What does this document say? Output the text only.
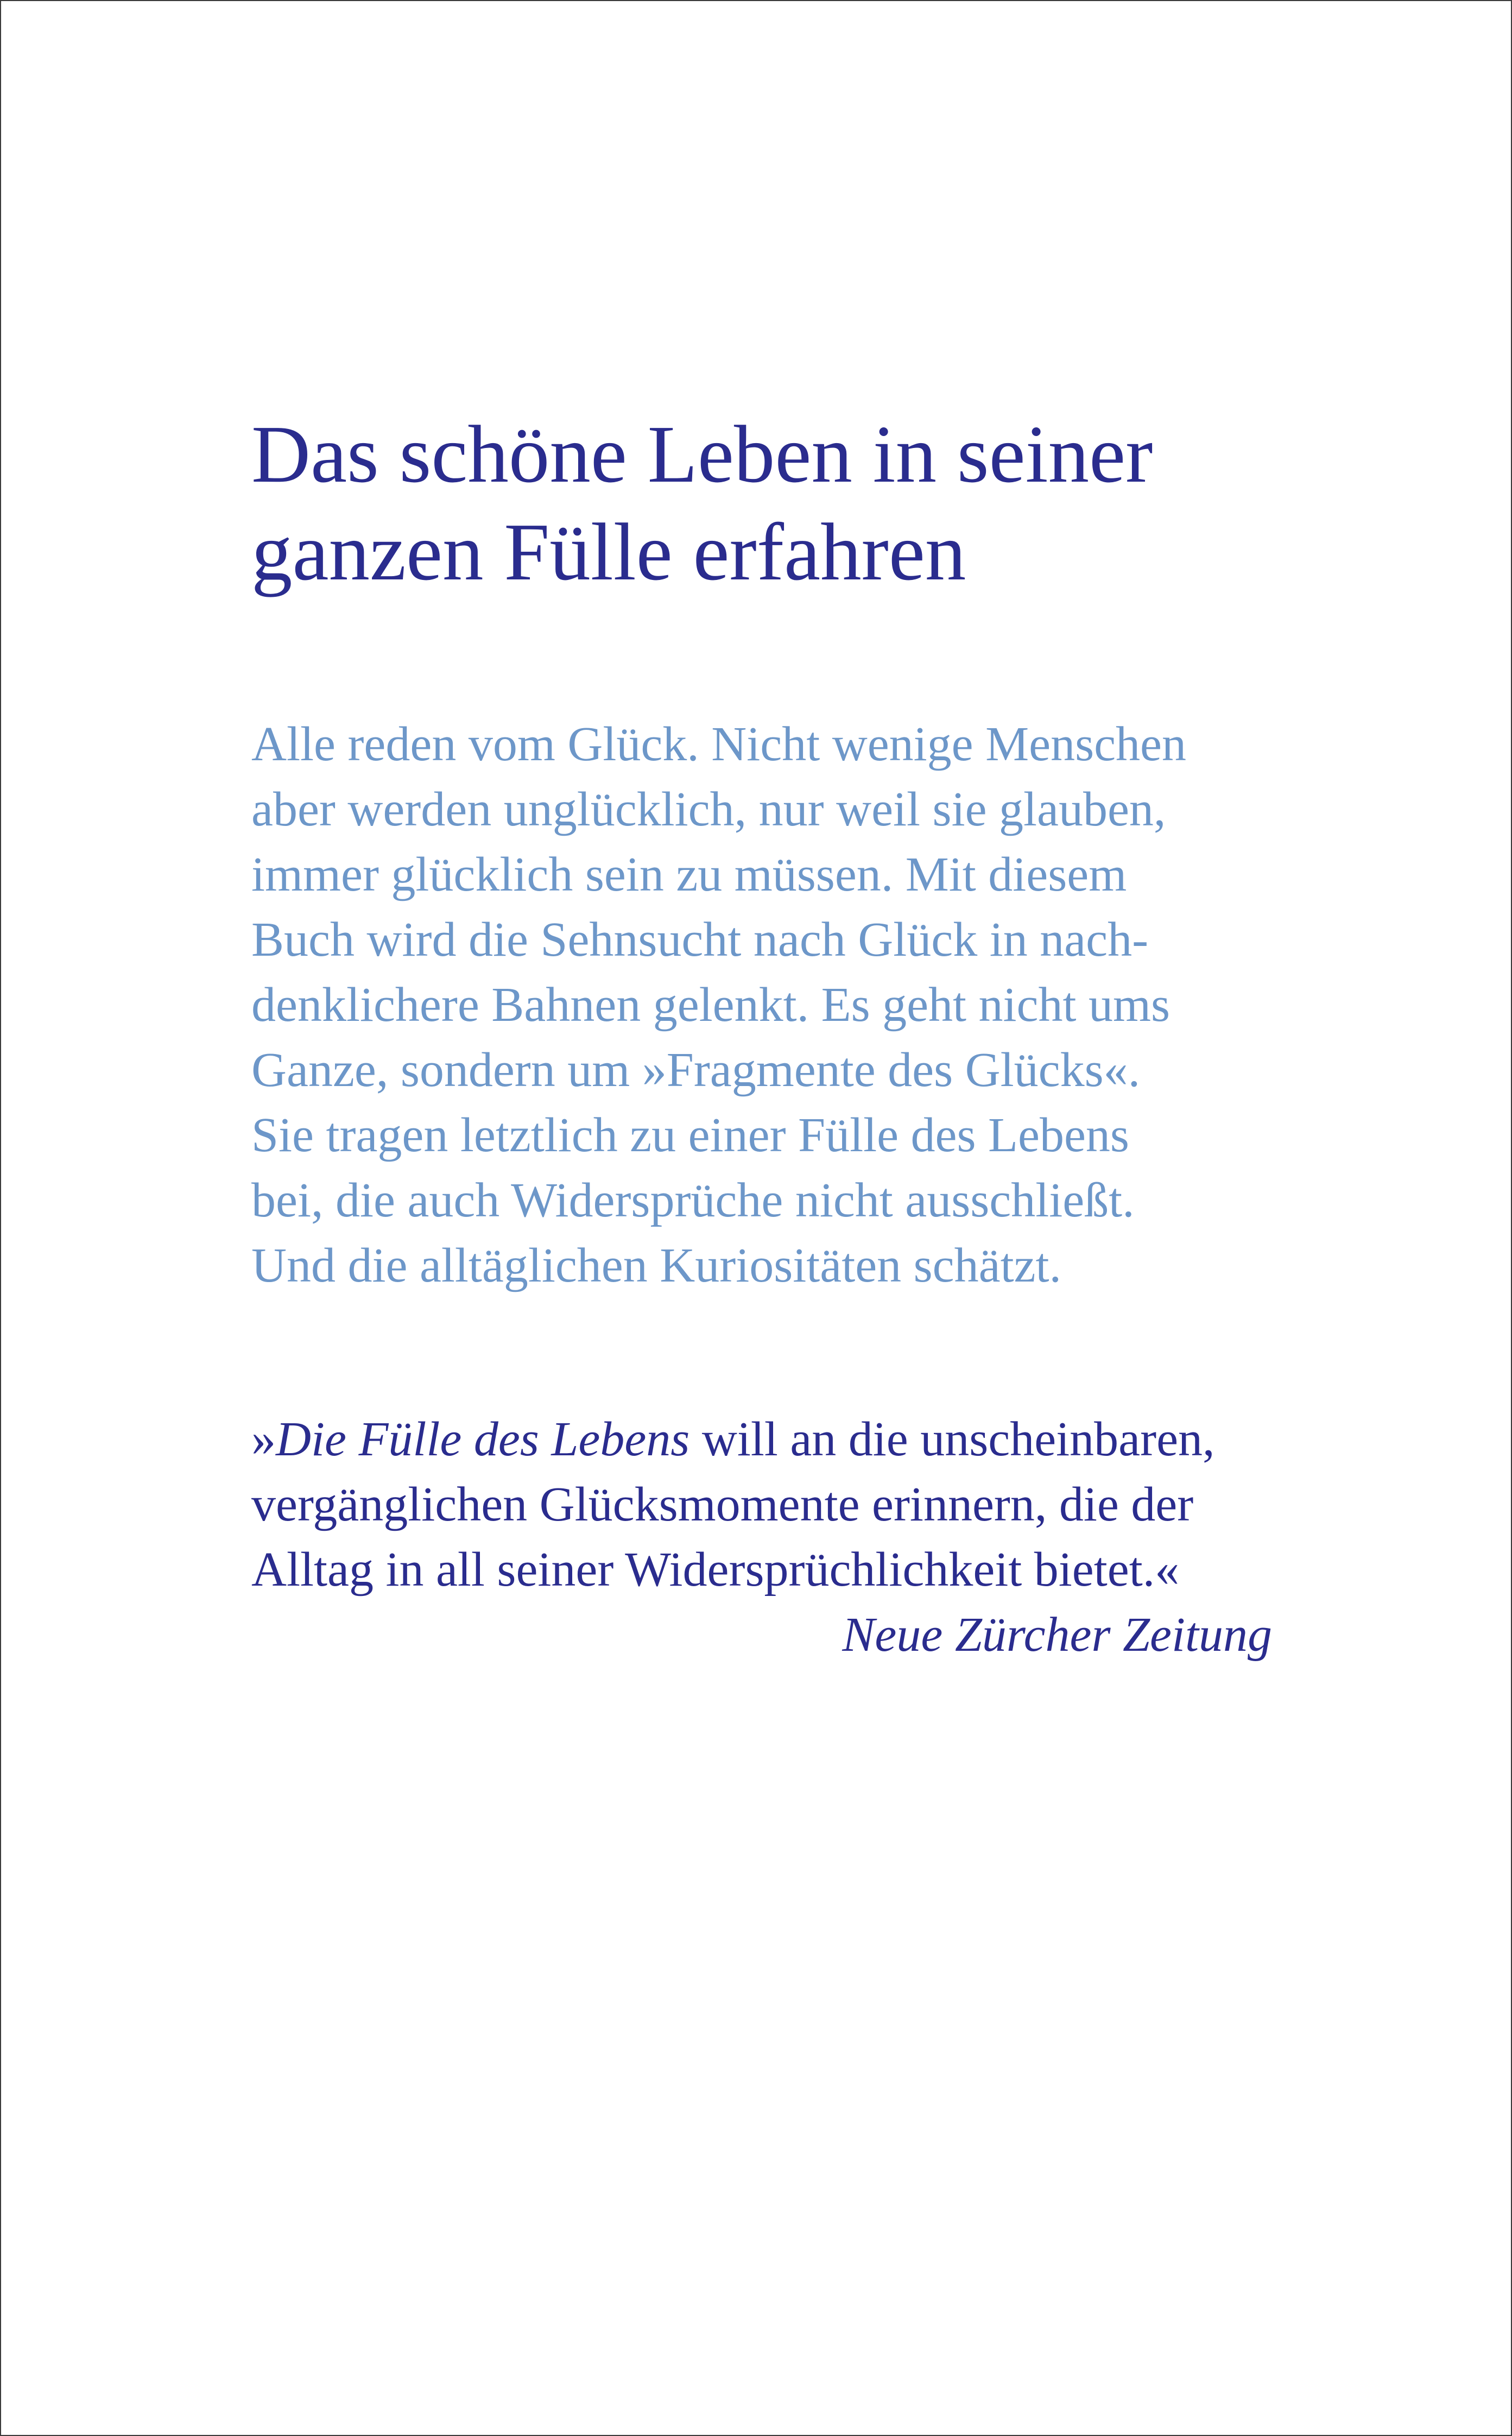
Das schöne Leben in seiner
ganzen Fülle erfahren

Alle reden vom Glück. Nicht wenige Menschen
aber werden unglücklich, nur weil sie glauben,
immer glücklich sein zu müssen. Mit diesem
Buch wird die Sehnsucht nach Glück in nach-
denklichere Bahnen gelenkt. Es geht nicht ums
Ganze, sondern um »Fragmente des Glücks«.
Sie tragen letztlich zu einer Fülle des Lebens
bei, die auch Widersprüche nicht ausschließt.
Und die alltäglichen Kuriositäten schätzt.

»Die Fülle des Lebens will an die unscheinbaren,
vergänglichen Glücksmomente erinnern, die der
Alltag in all seiner Widersprüchlichkeit bietet.«
Neue Zürcher Zeitung
